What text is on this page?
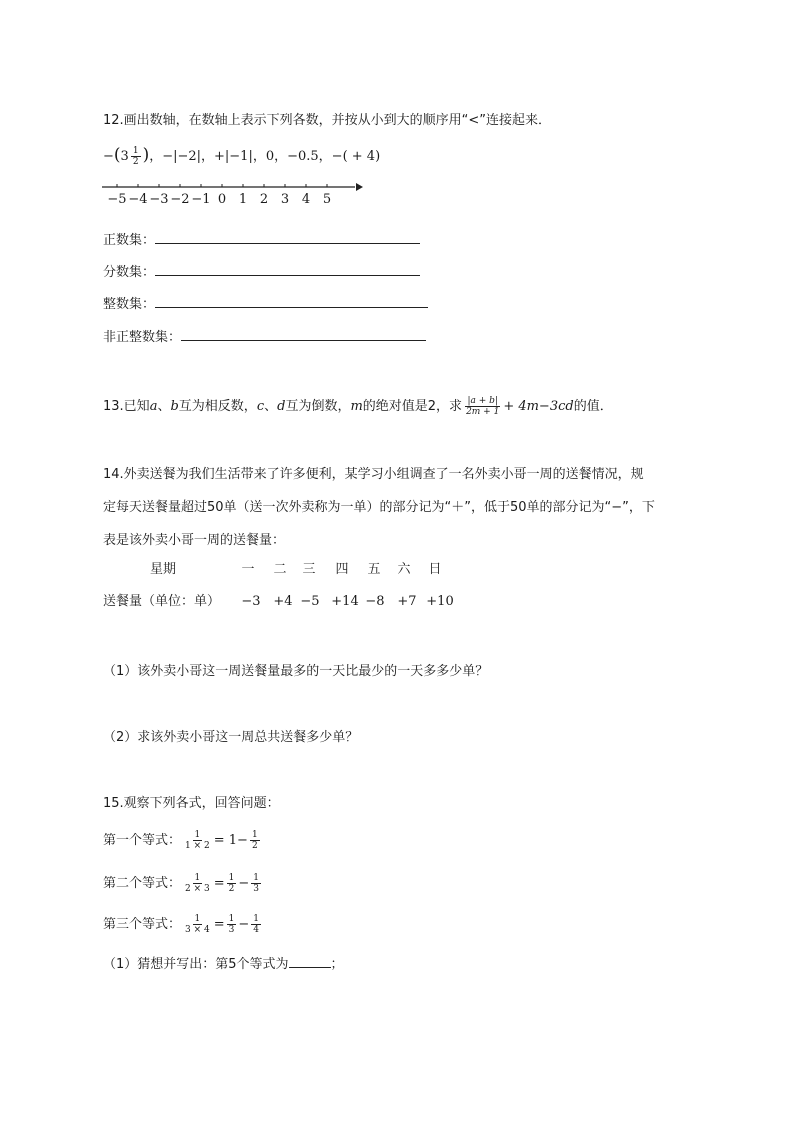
12.画出数轴，在数轴上表示下列各数，并按从小到大的顺序用“<”连接起来．
$-(3 \frac{1}{2}$ )，−|−2|，+|−1|，0，−0.5，−( + 4)
−5 −4 −3 −2 −1 0 1 2 3 4 5
正数集：
分数集：
整数集：
非正整数集：
13.已知a、b互为相反数，c、d互为倒数，m的绝对值是2，求 $\frac{|a + b|}{2m + 1} + 4m-3cd$的值．
14.外卖送餐为我们生活带来了许多便利，某学习小组调查了一名外卖小哥一周的送餐情况，规
定每天送餐量超过50单（送一次外卖称为一单）的部分记为“＋”，低于50单的部分记为“−”，下
表是该外卖小哥一周的送餐量：
星期	一	二	三	四	五	六	日
送餐量（单位：单）	−3 +4 −5 +14 −8 +7 +10
（1）该外卖小哥这一周送餐量最多的一天比最少的一天多多少单？
（2）求该外卖小哥这一周总共送餐多少单？
15.观察下列各式，回答问题：
第一个等式： $\frac{1}{1 \times 2} = 1- \frac{1}{2}$
第二个等式： $\frac{1}{2 \times 3} = \frac{1}{2} - \frac{1}{3}$
第三个等式： $\frac{1}{3 \times 4} = \frac{1}{3} - \frac{1}{4}$
（1）猜想并写出：第5个等式为	；
